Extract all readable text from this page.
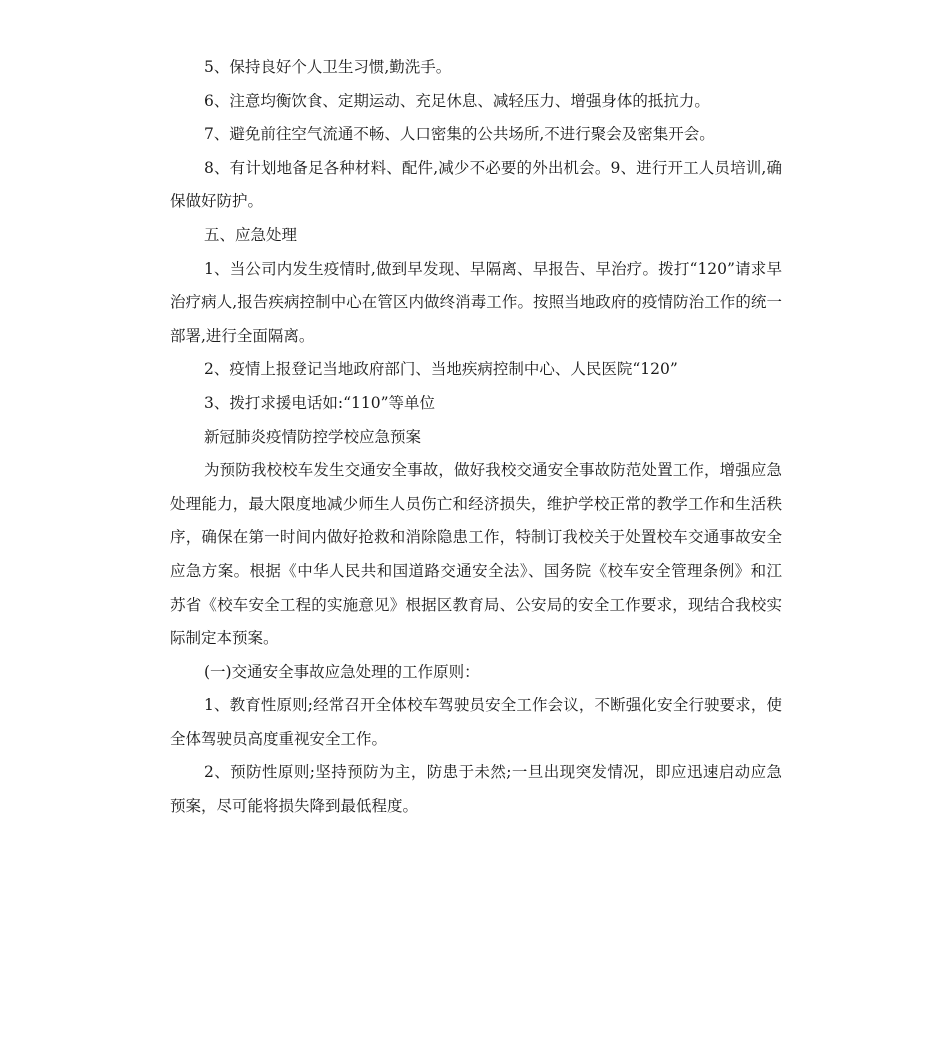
5、保持良好个人卫生习惯,勤洗手。

6、注意均衡饮食、定期运动、充足休息、减轻压力、增强身体的抵抗力。

7、避免前往空气流通不畅、人口密集的公共场所,不进行聚会及密集开会。

8、有计划地备足各种材料、配件,减少不必要的外出机会。9、进行开工人员培训,确保做好防护。

五、应急处理

1、当公司内发生疫情时,做到早发现、早隔离、早报告、早治疗。拨打“120”请求早治疗病人,报告疾病控制中心在管区内做终消毒工作。按照当地政府的疫情防治工作的统一部署,进行全面隔离。

2、疫情上报登记当地政府部门、当地疾病控制中心、人民医院“120”

3、拨打求援电话如:“110”等单位

新冠肺炎疫情防控学校应急预案

为预防我校校车发生交通安全事故，做好我校交通安全事故防范处置工作，增强应急处理能力，最大限度地减少师生人员伤亡和经济损失，维护学校正常的教学工作和生活秩序，确保在第一时间内做好抢救和消除隐患工作，特制订我校关于处置校车交通事故安全应急方案。根据《中华人民共和国道路交通安全法》、国务院《校车安全管理条例》和江苏省《校车安全工程的实施意见》根据区教育局、公安局的安全工作要求，现结合我校实际制定本预案。

(一)交通安全事故应急处理的工作原则：

1、教育性原则;经常召开全体校车驾驶员安全工作会议，不断强化安全行驶要求，使全体驾驶员高度重视安全工作。

2、预防性原则;坚持预防为主，防患于未然;一旦出现突发情况，即应迅速启动应急预案，尽可能将损失降到最低程度。
